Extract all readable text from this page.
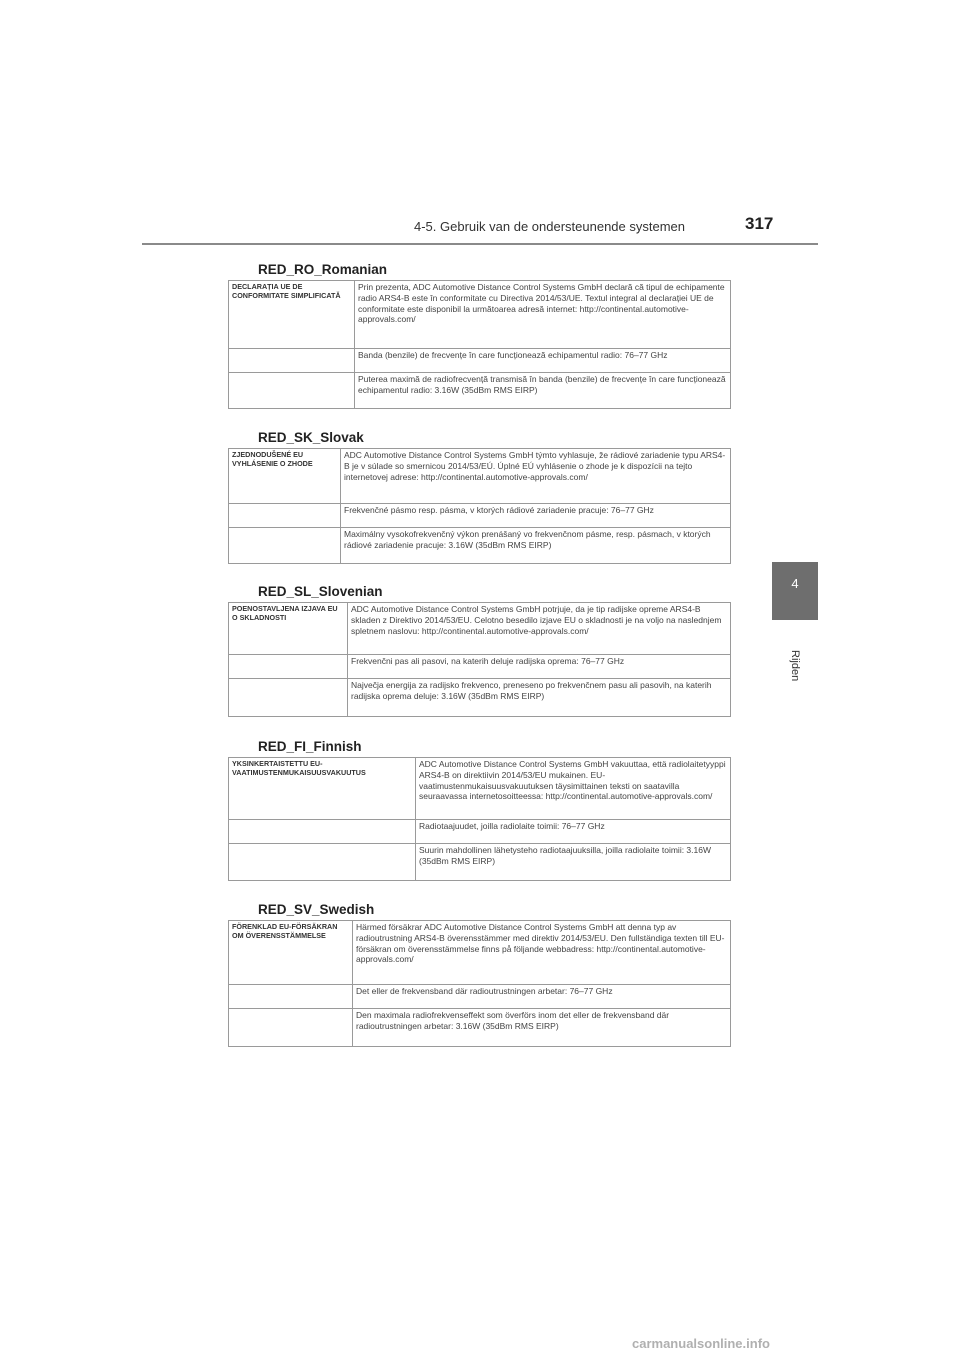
4-5. Gebruik van de ondersteunende systemen	317
4
Rijden
RED_RO_Romanian
DECLARAȚIA UE DE CONFORMITATE SIMPLIFICATĂ	Prin prezenta, ADC Automotive Distance Control Systems GmbH declară că tipul de echipamente radio ARS4-B este în conformitate cu Directiva 2014/53/UE. Textul integral al declarației UE de conformitate este disponibil la următoarea adresă internet: http://continental.automotive-approvals.com/
	Banda (benzile) de frecvențe în care funcționează echipamentul radio: 76–77 GHz
	Puterea maximă de radiofrecvență transmisă în banda (benzile) de frecvențe în care funcționează echipamentul radio: 3.16W (35dBm RMS EIRP)
RED_SK_Slovak
ZJEDNODUŠENÉ EU VYHLÁSENIE O ZHODE	ADC Automotive Distance Control Systems GmbH týmto vyhlasuje, že rádiové zariadenie typu ARS4-B je v súlade so smernicou 2014/53/EÚ. Úplné EÚ vyhlásenie o zhode je k dispozícii na tejto internetovej adrese: http://continental.automotive-approvals.com/
	Frekvenčné pásmo resp. pásma, v ktorých rádiové zariadenie pracuje: 76–77 GHz
	Maximálny vysokofrekvenčný výkon prenášaný vo frekvenčnom pásme, resp. pásmach, v ktorých rádiové zariadenie pracuje: 3.16W (35dBm RMS EIRP)
RED_SL_Slovenian
POENOSTAVLJENA IZJAVA EU O SKLADNOSTI	ADC Automotive Distance Control Systems GmbH potrjuje, da je tip radijske opreme ARS4-B skladen z Direktivo 2014/53/EU. Celotno besedilo izjave EU o skladnosti je na voljo na naslednjem spletnem naslovu: http://continental.automotive-approvals.com/
	Frekvenčni pas ali pasovi, na katerih deluje radijska oprema: 76–77 GHz
	Največja energija za radijsko frekvenco, preneseno po frekvenčnem pasu ali pasovih, na katerih radijska oprema deluje: 3.16W (35dBm RMS EIRP)
RED_FI_Finnish
YKSINKERTAISTETTU EU-VAATIMUSTENMUKAISUUSVAKUUTUS	ADC Automotive Distance Control Systems GmbH vakuuttaa, että radiolaitetyyppi ARS4-B on direktiivin 2014/53/EU mukainen. EU-vaatimustenmukaisuusvakuutuksen täysimittainen teksti on saatavilla seuraavassa internetosoitteessa: http://continental.automotive-approvals.com/
	Radiotaajuudet, joilla radiolaite toimii: 76–77 GHz
	Suurin mahdollinen lähetysteho radiotaajuuksilla, joilla radiolaite toimii: 3.16W (35dBm RMS EIRP)
RED_SV_Swedish
FÖRENKLAD EU-FÖRSÄKRAN OM ÖVERENSSTÄMMELSE	Härmed försäkrar ADC Automotive Distance Control Systems GmbH att denna typ av radioutrustning ARS4-B överensstämmer med direktiv 2014/53/EU. Den fullständiga texten till EU-försäkran om överensstämmelse finns på följande webbadress: http://continental.automotive-approvals.com/
	Det eller de frekvensband där radioutrustningen arbetar: 76–77 GHz
	Den maximala radiofrekvenseffekt som överförs inom det eller de frekvensband där radioutrustningen arbetar: 3.16W (35dBm RMS EIRP)
carmanualsonline.info
